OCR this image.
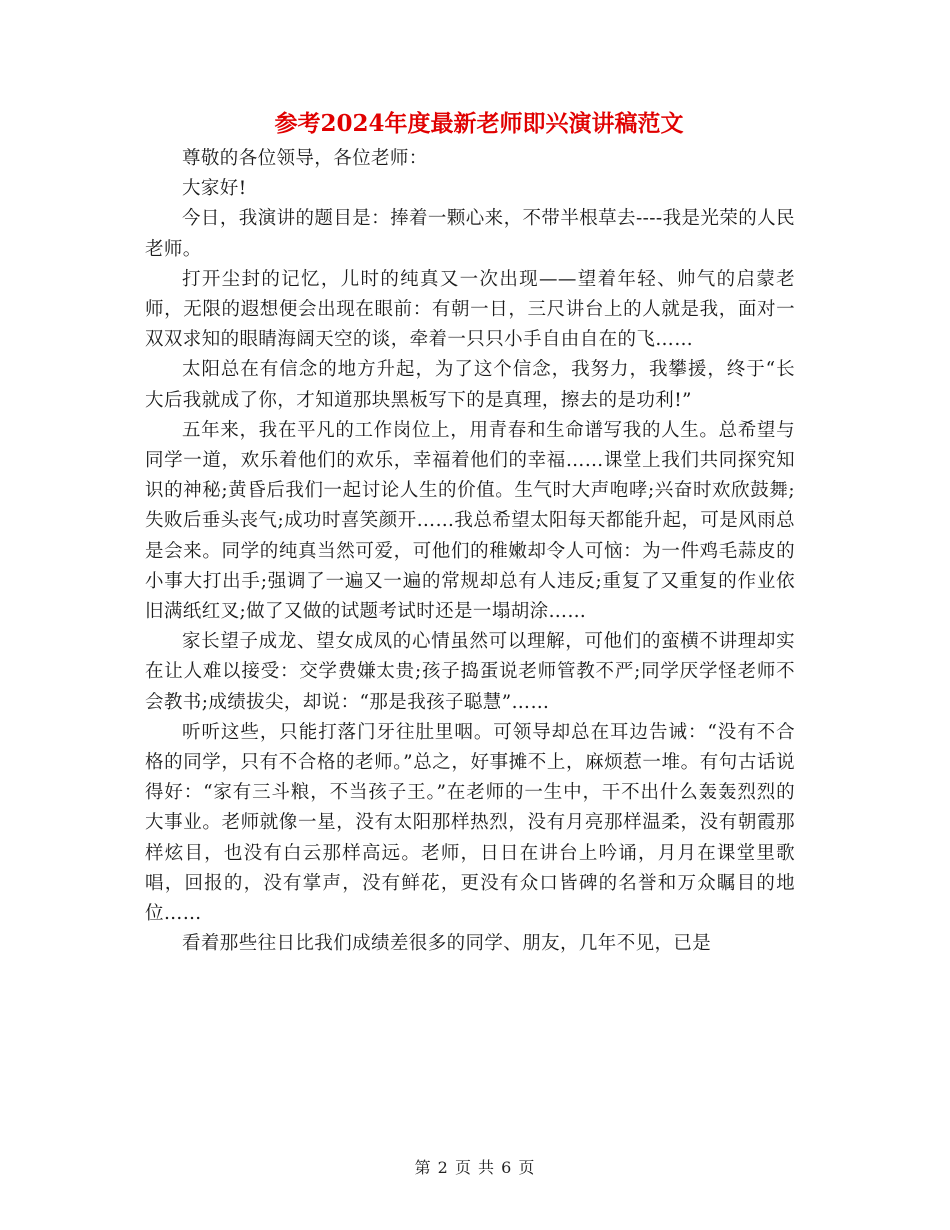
参考2024年度最新老师即兴演讲稿范文

尊敬的各位领导，各位老师：

大家好!

今日，我演讲的题目是：捧着一颗心来，不带半根草去----我是光荣的人民老师。

打开尘封的记忆，儿时的纯真又一次出现——望着年轻、帅气的启蒙老师，无限的遐想便会出现在眼前：有朝一日，三尺讲台上的人就是我，面对一双双求知的眼睛海阔天空的谈，牵着一只只小手自由自在的飞……

太阳总在有信念的地方升起，为了这个信念，我努力，我攀援，终于“长大后我就成了你，才知道那块黑板写下的是真理，擦去的是功利!”

五年来，我在平凡的工作岗位上，用青春和生命谱写我的人生。总希望与同学一道，欢乐着他们的欢乐，幸福着他们的幸福……课堂上我们共同探究知识的神秘;黄昏后我们一起讨论人生的价值。生气时大声咆哮;兴奋时欢欣鼓舞;失败后垂头丧气;成功时喜笑颜开……我总希望太阳每天都能升起，可是风雨总是会来。同学的纯真当然可爱，可他们的稚嫩却令人可恼：为一件鸡毛蒜皮的小事大打出手;强调了一遍又一遍的常规却总有人违反;重复了又重复的作业依旧满纸红叉;做了又做的试题考试时还是一塌胡涂……

家长望子成龙、望女成凤的心情虽然可以理解，可他们的蛮横不讲理却实在让人难以接受：交学费嫌太贵;孩子捣蛋说老师管教不严;同学厌学怪老师不会教书;成绩拔尖，却说：“那是我孩子聪慧”……

听听这些，只能打落门牙往肚里咽。可领导却总在耳边告诫：“没有不合格的同学，只有不合格的老师。”总之，好事摊不上，麻烦惹一堆。有句古话说得好：“家有三斗粮，不当孩子王。”在老师的一生中，干不出什么轰轰烈烈的大事业。老师就像一星，没有太阳那样热烈，没有月亮那样温柔，没有朝霞那样炫目，也没有白云那样高远。老师，日日在讲台上吟诵，月月在课堂里歌唱，回报的，没有掌声，没有鲜花，更没有众口皆碑的名誉和万众瞩目的地位……

看着那些往日比我们成绩差很多的同学、朋友，几年不见，已是

第 2 页 共 6 页
